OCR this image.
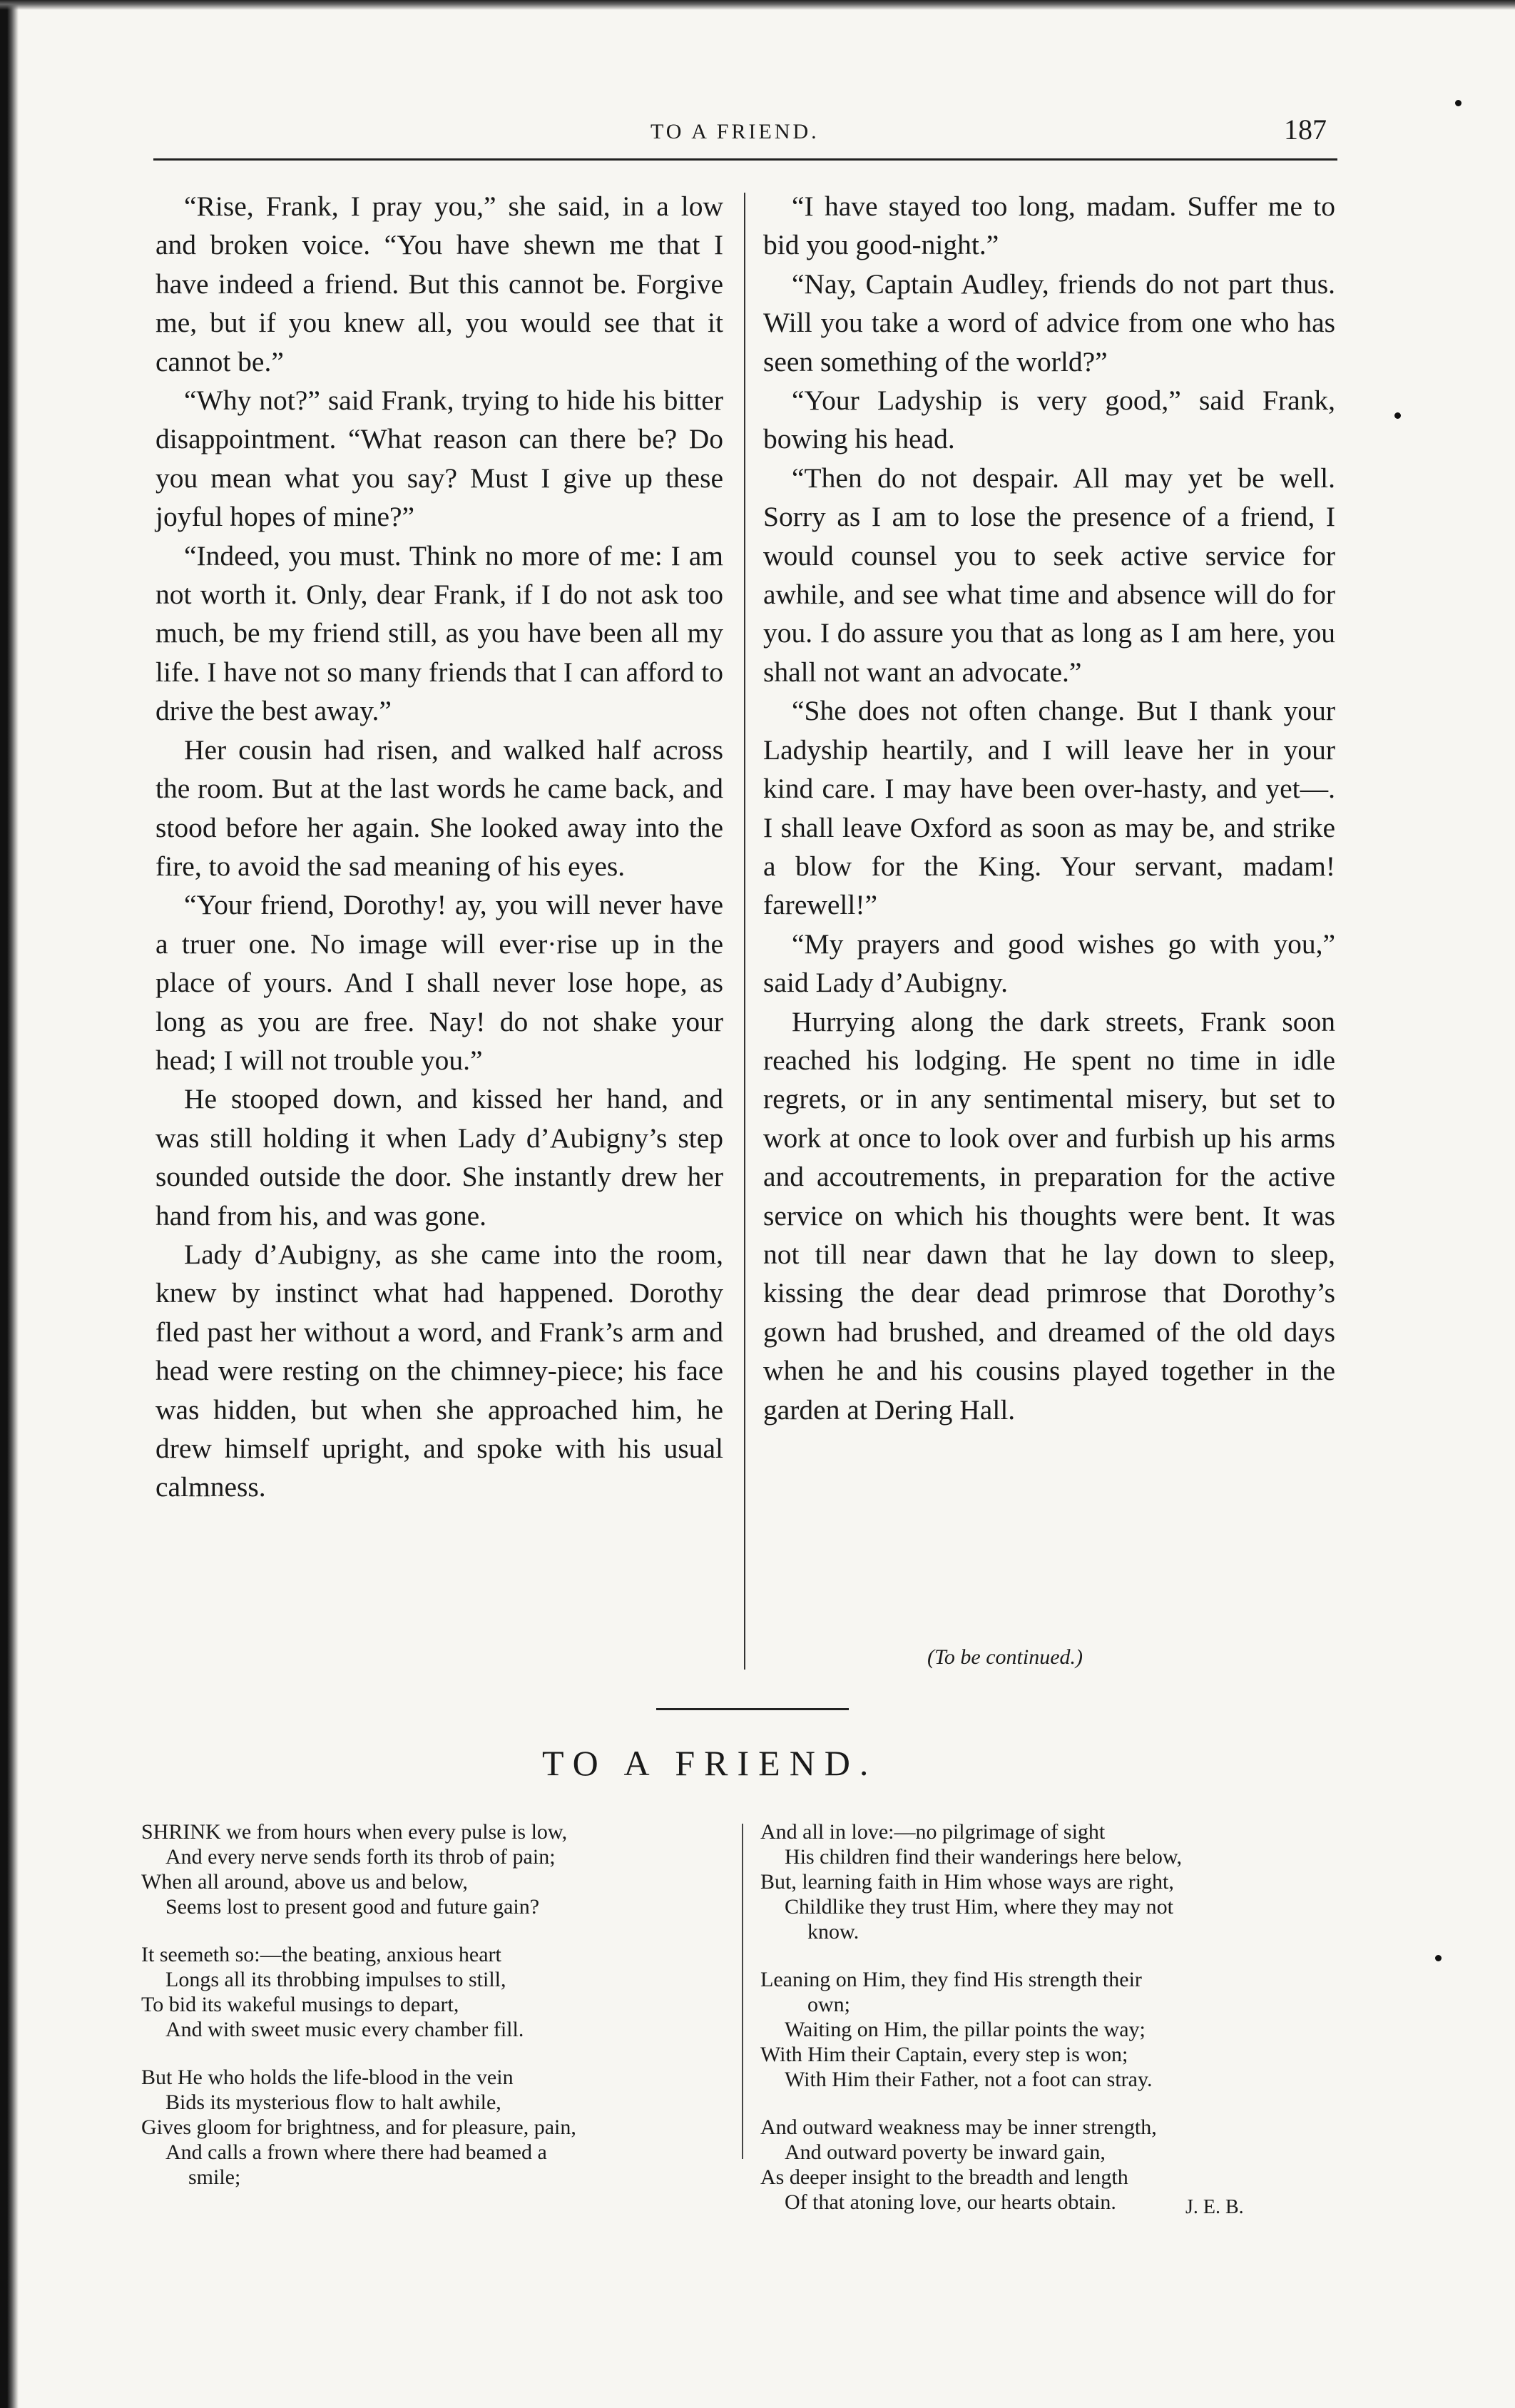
TO A FRIEND.	187

“Rise, Frank, I pray you,” she said, in a low and broken voice. “You have shewn me that I have indeed a friend. But this cannot be. Forgive me, but if you knew all, you would see that it cannot be.”

“Why not?” said Frank, trying to hide his bitter disappointment. “What reason can there be? Do you mean what you say? Must I give up these joyful hopes of mine?”

“Indeed, you must. Think no more of me: I am not worth it. Only, dear Frank, if I do not ask too much, be my friend still, as you have been all my life. I have not so many friends that I can afford to drive the best away.”

Her cousin had risen, and walked half across the room. But at the last words he came back, and stood before her again. She looked away into the fire, to avoid the sad meaning of his eyes.

“Your friend, Dorothy! ay, you will never have a truer one. No image will ever·rise up in the place of yours. And I shall never lose hope, as long as you are free. Nay! do not shake your head; I will not trouble you.”

He stooped down, and kissed her hand, and was still holding it when Lady d’Aubigny’s step sounded outside the door. She instantly drew her hand from his, and was gone.

Lady d’Aubigny, as she came into the room, knew by instinct what had happened. Dorothy fled past her without a word, and Frank’s arm and head were resting on the chimney-piece; his face was hidden, but when she approached him, he drew himself upright, and spoke with his usual calmness.

“I have stayed too long, madam. Suffer me to bid you good-night.”

“Nay, Captain Audley, friends do not part thus. Will you take a word of advice from one who has seen something of the world?”

“Your Ladyship is very good,” said Frank, bowing his head.

“Then do not despair. All may yet be well. Sorry as I am to lose the presence of a friend, I would counsel you to seek active service for awhile, and see what time and absence will do for you. I do assure you that as long as I am here, you shall not want an advocate.”

“She does not often change. But I thank your Ladyship heartily, and I will leave her in your kind care. I may have been over-hasty, and yet—. I shall leave Oxford as soon as may be, and strike a blow for the King. Your servant, madam! farewell!”

“My prayers and good wishes go with you,” said Lady d’Aubigny.

Hurrying along the dark streets, Frank soon reached his lodging. He spent no time in idle regrets, or in any sentimental misery, but set to work at once to look over and furbish up his arms and accoutrements, in preparation for the active service on which his thoughts were bent. It was not till near dawn that he lay down to sleep, kissing the dear dead primrose that Dorothy’s gown had brushed, and dreamed of the old days when he and his cousins played together in the garden at Dering Hall.

(To be continued.)
TO A FRIEND.
SHRINK we from hours when every pulse is low,
And every nerve sends forth its throb of pain;
When all around, above us and below,
Seems lost to present good and future gain?
It seemeth so:—the beating, anxious heart
Longs all its throbbing impulses to still,
To bid its wakeful musings to depart,
And with sweet music every chamber fill.
But He who holds the life-blood in the vein
Bids its mysterious flow to halt awhile,
Gives gloom for brightness, and for pleasure, pain,
And calls a frown where there had beamed a
smile;
And all in love:—no pilgrimage of sight
His children find their wanderings here below,
But, learning faith in Him whose ways are right,
Childlike they trust Him, where they may not
know.
Leaning on Him, they find His strength their
own;
Waiting on Him, the pillar points the way;
With Him their Captain, every step is won;
With Him their Father, not a foot can stray.
And outward weakness may be inner strength,
And outward poverty be inward gain,
As deeper insight to the breadth and length
Of that atoning love, our hearts obtain.	J. E. B.
